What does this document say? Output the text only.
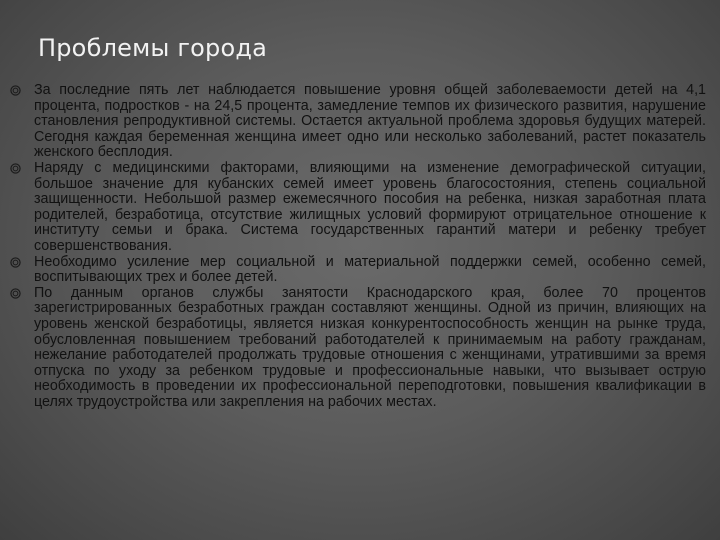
Проблемы города
За последние пять лет наблюдается повышение уровня общей заболеваемости детей на 4,1 процента, подростков - на 24,5 процента, замедление темпов их физического развития, нарушение становления репродуктивной системы. Остается актуальной проблема здоровья будущих матерей. Сегодня каждая беременная женщина имеет одно или несколько заболеваний, растет показатель женского бесплодия.
Наряду с медицинскими факторами, влияющими на изменение демографической ситуации, большое значение для кубанских семей имеет уровень благосостояния, степень социальной защищенности. Небольшой размер ежемесячного пособия на ребенка, низкая заработная плата родителей, безработица, отсутствие жилищных условий формируют отрицательное отношение к институту семьи и брака. Система государственных гарантий матери и ребенку требует совершенствования.
Необходимо усиление мер социальной и материальной поддержки семей, особенно семей, воспитывающих трех и более детей.
По данным органов службы занятости Краснодарского края, более 70 процентов зарегистрированных безработных граждан составляют женщины. Одной из причин, влияющих на уровень женской безработицы, является низкая конкурентоспособность женщин на рынке труда, обусловленная повышением требований работодателей к принимаемым на работу гражданам, нежелание работодателей продолжать трудовые отношения с женщинами, утратившими за время отпуска по уходу за ребенком трудовые и профессиональные навыки, что вызывает острую необходимость в проведении их профессиональной переподготовки, повышения квалификации в целях трудоустройства или закрепления на рабочих местах.
